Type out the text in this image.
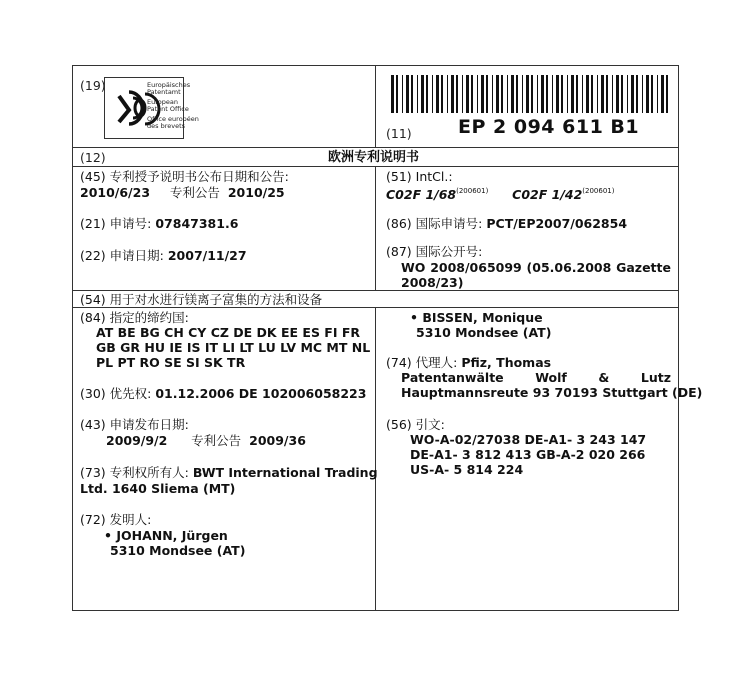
(19)	Europäisches
Patentamt
European
Patent Office
Office européen
des brevets	(11) EP 2 094 611 B1
(12)	欧洲专利说明书
(45) 专利授予说明书公布日期和公告:
2010/6/23 专利公告 2010/25
(21) 申请号: 07847381.6
(22) 申请日期: 2007/11/27
(51) IntCl.:
C02F $1/68^{(200601)}$ C02F $1/42^{(200601)}$
(86) 国际申请号: PCT/EP2007/062854
(87) 国际公开号:
WO 2008/065099 (05.06.2008 Gazette
2008/23)
(54) 用于对水进行镁离子富集的方法和设备
(84) 指定的缔约国:
AT BE BG CH CY CZ DE DK EE ES FI FR
GB GR HU IE IS IT LI LT LU LV MC MT NL
PL PT RO SE SI SK TR
(30) 优先权: 01.12.2006 DE 102006058223
(43) 申请发布日期:
2009/9/2 专利公告 2009/36
(73) 专利权所有人: BWT International Trading
Ltd. 1640 Sliema (MT)
(72) 发明人:
• JOHANN, Jürgen
5310 Mondsee (AT)
• BISSEN, Monique
5310 Mondsee (AT)
(74) 代理人: Pfiz, Thomas
Patentanwälte	Wolf	&	Lutz
Hauptmannsreute 93 70193 Stuttgart (DE)
(56) 引文:
WO-A-02/27038 DE-A1- 3 243 147
DE-A1- 3 812 413 GB-A-2 020 266
US-A- 5 814 224
